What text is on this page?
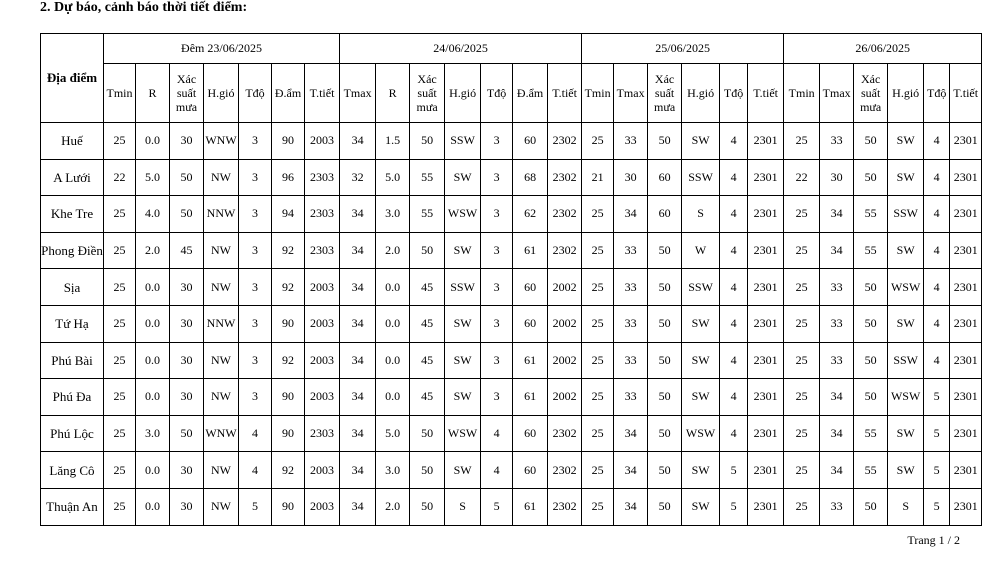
2. Dự báo, cảnh báo thời tiết điểm:
Địa điểm	Đêm 23/06/2025							24/06/2025							25/06/2025						26/06/2025					
	Tmin	R	Xác suất mưa	H.gió	Tđộ	Đ.ẩm	T.tiết	Tmax	R	Xác suất mưa	H.gió	Tđộ	Đ.ẩm	T.tiết	Tmin	Tmax	Xác suất mưa	H.gió	Tđộ	T.tiết	Tmin	Tmax	Xác suất mưa	H.gió	Tđộ	T.tiết
Huế	25	0.0	30	WNW	3	90	2003	34	1.5	50	SSW	3	60	2302	25	33	50	SW	4	2301	25	33	50	SW	4	2301
A Lưới	22	5.0	50	NW	3	96	2303	32	5.0	55	SW	3	68	2302	21	30	60	SSW	4	2301	22	30	50	SW	4	2301
Khe Tre	25	4.0	50	NNW	3	94	2303	34	3.0	55	WSW	3	62	2302	25	34	60	S	4	2301	25	34	55	SSW	4	2301
Phong Điền	25	2.0	45	NW	3	92	2303	34	2.0	50	SW	3	61	2302	25	33	50	W	4	2301	25	34	55	SW	4	2301
Sịa	25	0.0	30	NW	3	92	2003	34	0.0	45	SSW	3	60	2002	25	33	50	SSW	4	2301	25	33	50	WSW	4	2301
Tứ Hạ	25	0.0	30	NNW	3	90	2003	34	0.0	45	SW	3	60	2002	25	33	50	SW	4	2301	25	33	50	SW	4	2301
Phú Bài	25	0.0	30	NW	3	92	2003	34	0.0	45	SW	3	61	2002	25	33	50	SW	4	2301	25	33	50	SSW	4	2301
Phú Đa	25	0.0	30	NW	3	90	2003	34	0.0	45	SW	3	61	2002	25	33	50	SW	4	2301	25	34	50	WSW	5	2301
Phú Lộc	25	3.0	50	WNW	4	90	2303	34	5.0	50	WSW	4	60	2302	25	34	50	WSW	4	2301	25	34	55	SW	5	2301
Lăng Cô	25	0.0	30	NW	4	92	2003	34	3.0	50	SW	4	60	2302	25	34	50	SW	5	2301	25	34	55	SW	5	2301
Thuận An	25	0.0	30	NW	5	90	2003	34	2.0	50	S	5	61	2302	25	34	50	SW	5	2301	25	33	50	S	5	2301
Trang 1 / 2
